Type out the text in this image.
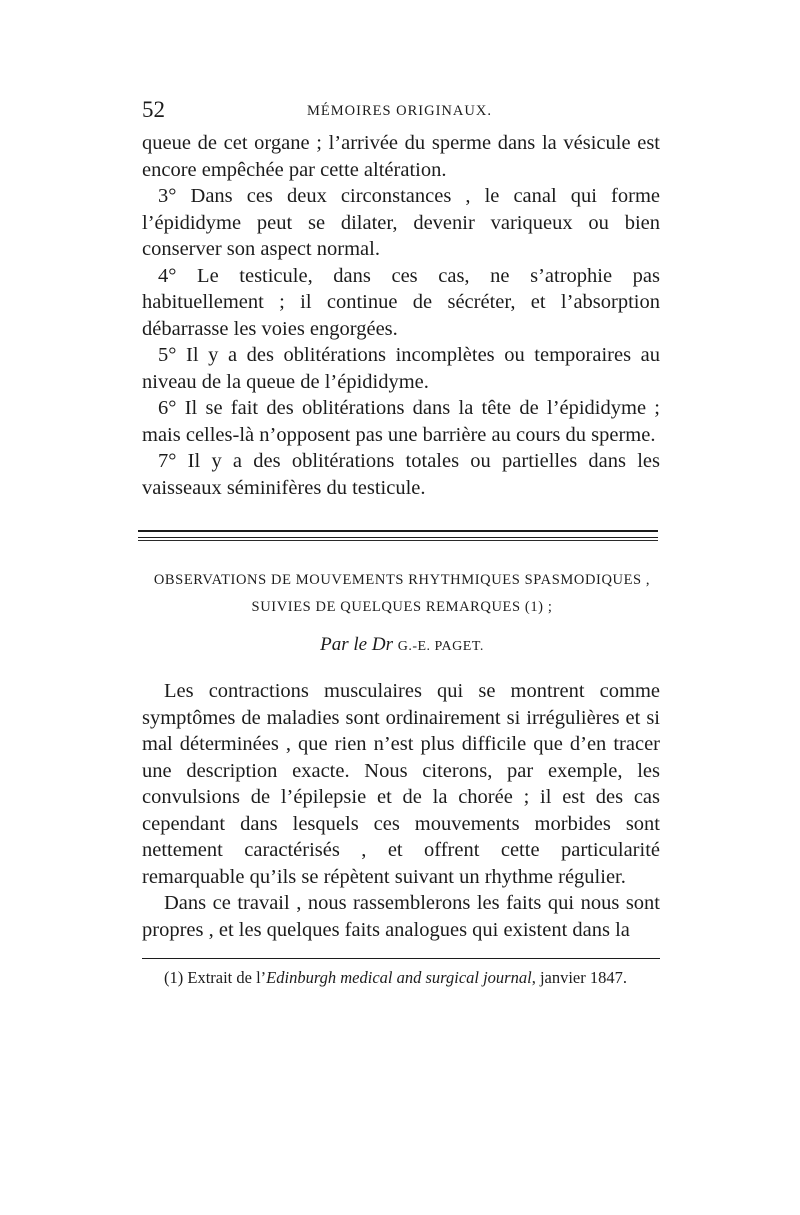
52	MÉMOIRES ORIGINAUX.

queue de cet organe ; l’arrivée du sperme dans la vésicule est encore empêchée par cette altération.

3° Dans ces deux circonstances , le canal qui forme l’épididyme peut se dilater, devenir variqueux ou bien conserver son aspect normal.

4° Le testicule, dans ces cas, ne s’atrophie pas habituellement ; il continue de sécréter, et l’absorption débarrasse les voies engorgées.

5° Il y a des oblitérations incomplètes ou temporaires au niveau de la queue de l’épididyme.

6° Il se fait des oblitérations dans la tête de l’épididyme ; mais celles-là n’opposent pas une barrière au cours du sperme.

7° Il y a des oblitérations totales ou partielles dans les vaisseaux séminifères du testicule.

OBSERVATIONS DE MOUVEMENTS RHYTHMIQUES SPASMODIQUES ,
SUIVIES DE QUELQUES REMARQUES (1) ;
Par le Dr G.-E. PAGET.

Les contractions musculaires qui se montrent comme symptômes de maladies sont ordinairement si irrégulières et si mal déterminées , que rien n’est plus difficile que d’en tracer une description exacte. Nous citerons, par exemple, les convulsions de l’épilepsie et de la chorée ; il est des cas cependant dans lesquels ces mouvements morbides sont nettement caractérisés , et offrent cette particularité remarquable qu’ils se répètent suivant un rhythme régulier.

Dans ce travail , nous rassemblerons les faits qui nous sont propres , et les quelques faits analogues qui existent dans la

(1) Extrait de l’Edinburgh medical and surgical journal, janvier 1847.
